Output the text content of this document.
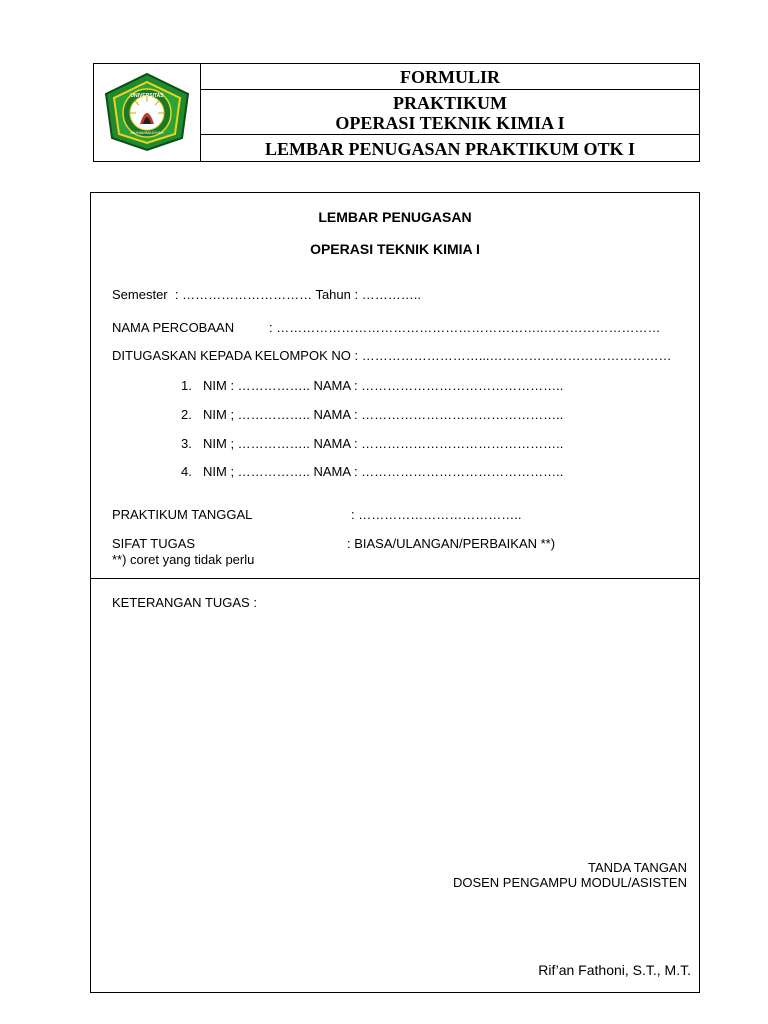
UNIVERSITAS
MUHAMMADIYAH
FORMULIR
PRAKTIKUM
OPERASI TEKNIK KIMIA I
LEMBAR PENUGASAN PRAKTIKUM OTK I
LEMBAR PENUGASAN
OPERASI TEKNIK KIMIA I
Semester  : ………………………… Tahun : …………..
NAMA PERCOBAAN	: ……………………………………………………..………………………
DITUGASKAN KEPADA KELOMPOK NO : ………………………...……………………………………
1. NIM : …………….. NAMA : ………………………………………..
2. NIM ; …………….. NAMA : ………………………………………..
3. NIM ; …………….. NAMA : ………………………………………..
4. NIM ; …………….. NAMA : ………………………………………..
PRAKTIKUM TANGGAL	: ………………………………..
SIFAT TUGAS	: BIASA/ULANGAN/PERBAIKAN **)
**) coret yang tidak perlu
KETERANGAN TUGAS :
TANDA TANGAN
DOSEN PENGAMPU MODUL/ASISTEN
Rif’an Fathoni, S.T., M.T.
